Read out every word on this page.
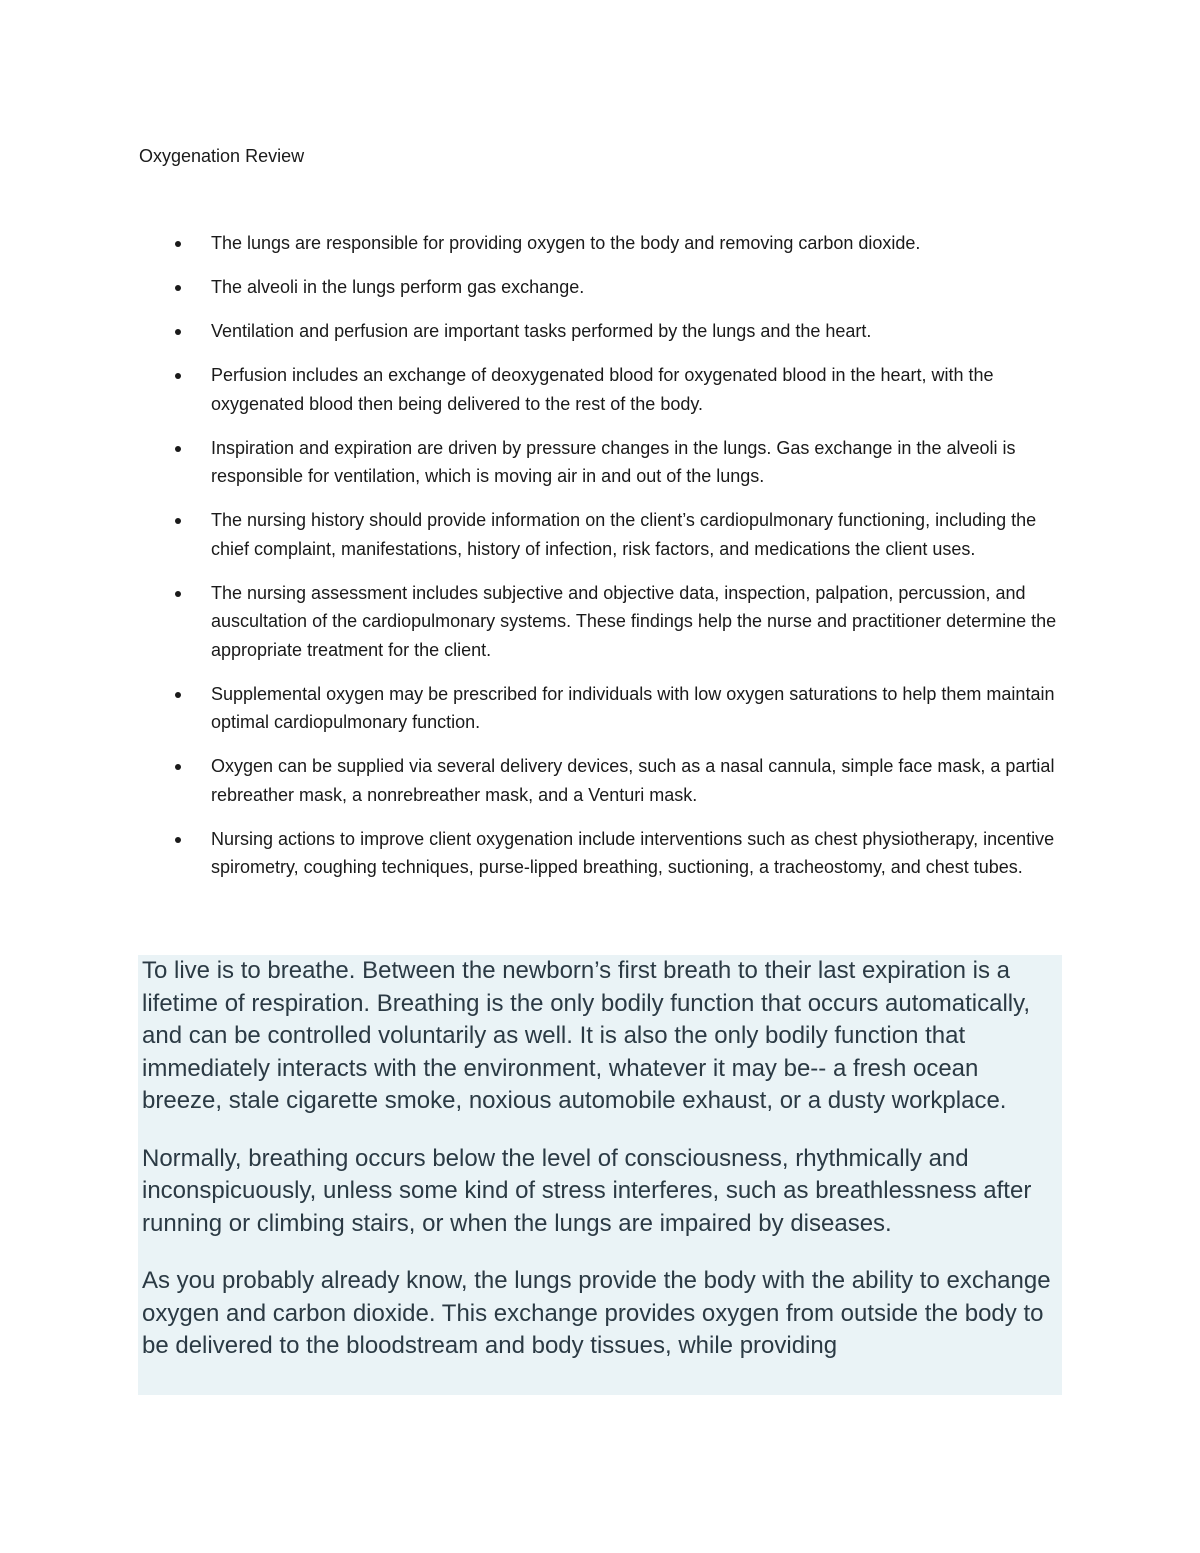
Oxygenation Review
The lungs are responsible for providing oxygen to the body and removing carbon dioxide.
The alveoli in the lungs perform gas exchange.
Ventilation and perfusion are important tasks performed by the lungs and the heart.
Perfusion includes an exchange of deoxygenated blood for oxygenated blood in the heart, with the oxygenated blood then being delivered to the rest of the body.
Inspiration and expiration are driven by pressure changes in the lungs. Gas exchange in the alveoli is responsible for ventilation, which is moving air in and out of the lungs.
The nursing history should provide information on the client’s cardiopulmonary functioning, including the chief complaint, manifestations, history of infection, risk factors, and medications the client uses.
The nursing assessment includes subjective and objective data, inspection, palpation, percussion, and auscultation of the cardiopulmonary systems. These findings help the nurse and practitioner determine the appropriate treatment for the client.
Supplemental oxygen may be prescribed for individuals with low oxygen saturations to help them maintain optimal cardiopulmonary function.
Oxygen can be supplied via several delivery devices, such as a nasal cannula, simple face mask, a partial rebreather mask, a nonrebreather mask, and a Venturi mask.
Nursing actions to improve client oxygenation include interventions such as chest physiotherapy, incentive spirometry, coughing techniques, purse-lipped breathing, suctioning, a tracheostomy, and chest tubes.

To live is to breathe. Between the newborn’s first breath to their last expiration is a lifetime of respiration. Breathing is the only bodily function that occurs automatically, and can be controlled voluntarily as well. It is also the only bodily function that immediately interacts with the environment, whatever it may be-- a fresh ocean breeze, stale cigarette smoke, noxious automobile exhaust, or a dusty workplace.

Normally, breathing occurs below the level of consciousness, rhythmically and inconspicuously, unless some kind of stress interferes, such as breathlessness after running or climbing stairs, or when the lungs are impaired by diseases.

As you probably already know, the lungs provide the body with the ability to exchange oxygen and carbon dioxide. This exchange provides oxygen from outside the body to be delivered to the bloodstream and body tissues, while providing
